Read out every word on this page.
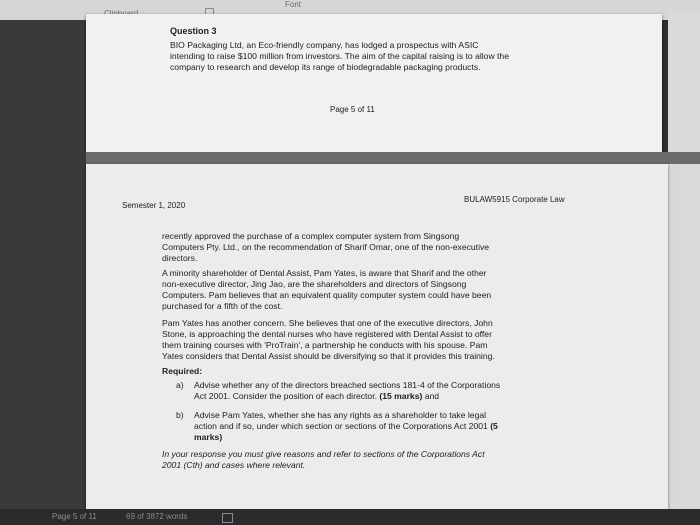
Font
Question 3
BIO Packaging Ltd, an Eco-friendly company, has lodged a prospectus with ASIC
intending to raise $100 million from investors. The aim of the capital raising is to allow the
company to research and develop its range of biodegradable packaging products.
Page 5 of 11
Semester 1, 2020
BULAW5915 Corporate Law
recently approved the purchase of a complex computer system from Singsong
Computers Pty. Ltd., on the recommendation of Sharif Omar, one of the non-executive
directors.
A minority shareholder of Dental Assist, Pam Yates, is aware that Sharif and the other
non-executive director, Jing Jao, are the shareholders and directors of Singsong
Computers. Pam believes that an equivalent quality computer system could have been
purchased for a fifth of the cost.
Pam Yates has another concern. She believes that one of the executive directors, John
Stone, is approaching the dental nurses who have registered with Dental Assist to offer
them training courses with 'ProTrain', a partnership he conducts with his spouse. Pam
Yates considers that Dental Assist should be diversifying so that it provides this training.
Required:
a) Advise whether any of the directors breached sections 181-4 of the Corporations
Act 2001. Consider the position of each director. (15 marks) and
b) Advise Pam Yates, whether she has any rights as a shareholder to take legal
action and if so, under which section or sections of the Corporations Act 2001 (5
marks)
In your response you must give reasons and refer to sections of the Corporations Act
2001 (Cth) and cases where relevant.
Page 5 of 11	69 of 3872 words
